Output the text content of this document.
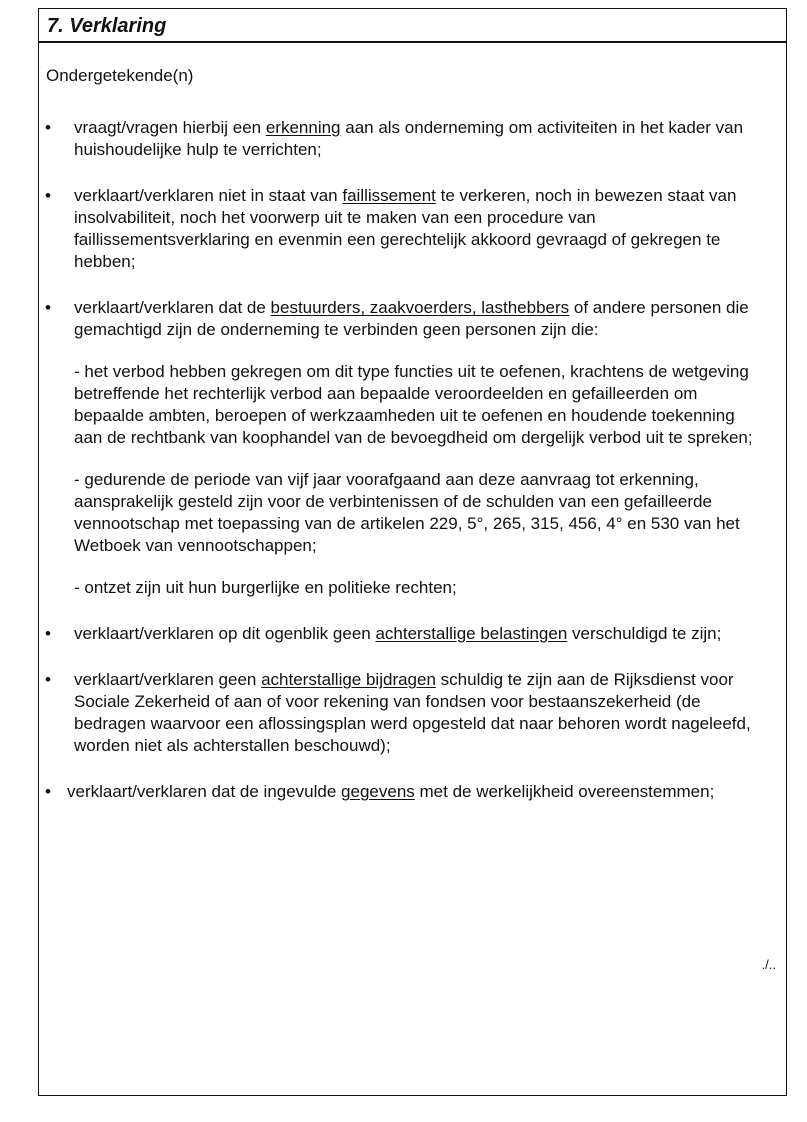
7. Verklaring
Ondergetekende(n)
• vraagt/vragen hierbij een erkenning aan als onderneming om activiteiten in het kader van huishoudelijke hulp te verrichten;
• verklaart/verklaren niet in staat van faillissement te verkeren, noch in bewezen staat van insolvabiliteit, noch het voorwerp uit te maken van een procedure van faillissementsverklaring en evenmin een gerechtelijk akkoord gevraagd of gekregen te hebben;
• verklaart/verklaren dat de bestuurders, zaakvoerders, lasthebbers of andere personen die gemachtigd zijn de onderneming te verbinden geen personen zijn die:
- het verbod hebben gekregen om dit type functies uit te oefenen, krachtens de wetgeving betreffende het rechterlijk verbod aan bepaalde veroordeelden en gefailleerden om bepaalde ambten, beroepen of werkzaamheden uit te oefenen en houdende toekenning aan de rechtbank van koophandel van de bevoegdheid om dergelijk verbod uit te spreken;
- gedurende de periode van vijf jaar voorafgaand aan deze aanvraag tot erkenning, aansprakelijk gesteld zijn voor de verbintenissen of de schulden van een gefailleerde vennootschap met toepassing van de artikelen 229, 5°, 265, 315, 456, 4° en 530 van het Wetboek van vennootschappen;
- ontzet zijn uit hun burgerlijke en politieke rechten;
• verklaart/verklaren op dit ogenblik geen achterstallige belastingen verschuldigd te zijn;
• verklaart/verklaren geen achterstallige bijdragen schuldig te zijn aan de Rijksdienst voor Sociale Zekerheid of aan of voor rekening van fondsen voor bestaanszekerheid (de bedragen waarvoor een aflossingsplan werd opgesteld dat naar behoren wordt nageleefd, worden niet als achterstallen beschouwd);
• verklaart/verklaren dat de ingevulde gegevens met de werkelijkheid overeenstemmen;
./..
